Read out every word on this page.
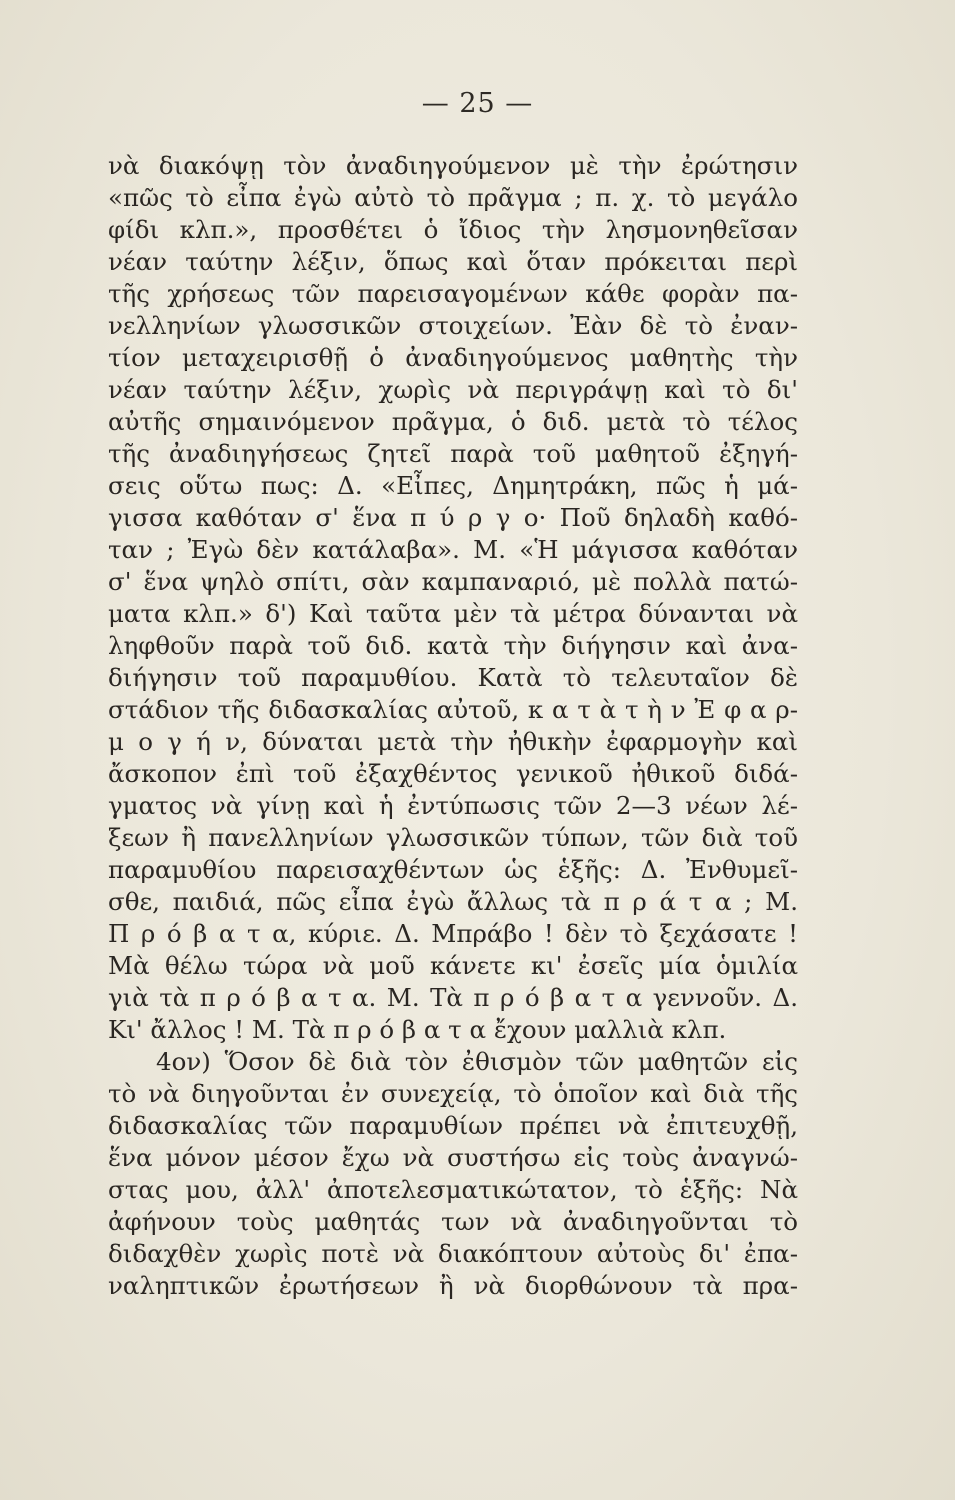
— 25 —
νὰ διακόψῃ τὸν ἀναδιηγούμενον μὲ τὴν ἐρώτησιν
«πῶς τὸ εἶπα ἐγὼ αὐτὸ τὸ πρᾶγμα ; π. χ. τὸ μεγάλο
φίδι κλπ.», προσθέτει ὁ ἴδιος τὴν λησμονηθεῖσαν
νέαν ταύτην λέξιν, ὅπως καὶ ὅταν πρόκειται περὶ
τῆς χρήσεως τῶν παρεισαγομένων κάθε φορὰν πα-
νελληνίων γλωσσικῶν στοιχείων. Ἐὰν δὲ τὸ ἐναν-
τίον μεταχειρισθῇ ὁ ἀναδιηγούμενος μαθητὴς τὴν
νέαν ταύτην λέξιν, χωρὶς νὰ περιγράψῃ καὶ τὸ δι'
αὐτῆς σημαινόμενον πρᾶγμα, ὁ διδ. μετὰ τὸ τέλος
τῆς ἀναδιηγήσεως ζητεῖ παρὰ τοῦ μαθητοῦ ἐξηγή-
σεις οὕτω πως: Δ. «Εἶπες, Δημητράκη, πῶς ἡ μά-
γισσα καθόταν σ' ἕνα π ύ ρ γ ο· Ποῦ δηλαδὴ καθό-
ταν ; Ἐγὼ δὲν κατάλαβα». Μ. «Ἡ μάγισσα καθόταν
σ' ἕνα ψηλὸ σπίτι, σὰν καμπαναριό, μὲ πολλὰ πατώ-
ματα κλπ.» δ') Καὶ ταῦτα μὲν τὰ μέτρα δύνανται νὰ
ληφθοῦν παρὰ τοῦ διδ. κατὰ τὴν διήγησιν καὶ ἀνα-
διήγησιν τοῦ παραμυθίου. Κατὰ τὸ τελευταῖον δὲ
στάδιον τῆς διδασκαλίας αὐτοῦ, κ α τ ὰ τ ὴ ν Ἐ φ α ρ-
μ ο γ ή ν, δύναται μετὰ τὴν ἠθικὴν ἐφαρμογὴν καὶ
ἄσκοπον ἐπὶ τοῦ ἐξαχθέντος γενικοῦ ἠθικοῦ διδά-
γματος νὰ γίνῃ καὶ ἡ ἐντύπωσις τῶν 2—3 νέων λέ-
ξεων ἢ πανελληνίων γλωσσικῶν τύπων, τῶν διὰ τοῦ
παραμυθίου παρεισαχθέντων ὡς ἑξῆς: Δ. Ἐνθυμεῖ-
σθε, παιδιά, πῶς εἶπα ἐγὼ ἄλλως τὰ π ρ ά τ α ; Μ.
Π ρ ό β α τ α, κύριε. Δ. Μπράβο ! δὲν τὸ ξεχάσατε !
Μὰ θέλω τώρα νὰ μοῦ κάνετε κι' ἐσεῖς μία ὁμιλία
γιὰ τὰ π ρ ό β α τ α. Μ. Τὰ π ρ ό β α τ α γεννοῦν. Δ.
Κι' ἄλλος ! Μ. Τὰ π ρ ό β α τ α ἔχουν μαλλιὰ κλπ.
4ον) Ὅσον δὲ διὰ τὸν ἐθισμὸν τῶν μαθητῶν εἰς
τὸ νὰ διηγοῦνται ἐν συνεχείᾳ, τὸ ὁποῖον καὶ διὰ τῆς
διδασκαλίας τῶν παραμυθίων πρέπει νὰ ἐπιτευχθῇ,
ἕνα μόνον μέσον ἔχω νὰ συστήσω εἰς τοὺς ἀναγνώ-
στας μου, ἀλλ' ἀποτελεσματικώτατον, τὸ ἑξῆς: Νὰ
ἀφήνουν τοὺς μαθητάς των νὰ ἀναδιηγοῦνται τὸ
διδαχθὲν χωρὶς ποτὲ νὰ διακόπτουν αὐτοὺς δι' ἐπα-
ναληπτικῶν ἐρωτήσεων ἢ νὰ διορθώνουν τὰ πρα-
